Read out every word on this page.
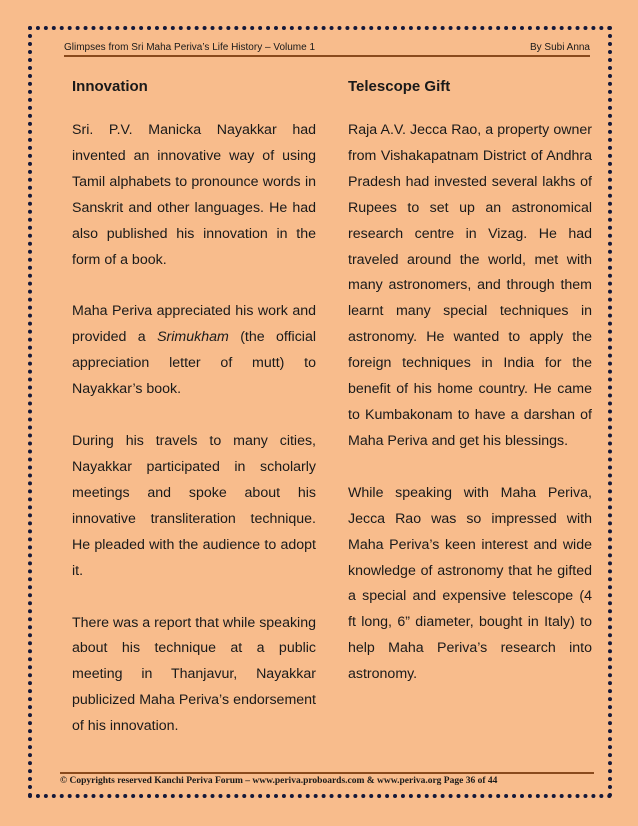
Glimpses from Sri Maha Periva’s Life History – Volume 1	By Subi Anna
Innovation

Sri. P.V. Manicka Nayakkar had invented an innovative way of using Tamil alphabets to pronounce words in Sanskrit and other languages. He had also published his innovation in the form of a book.

Maha Periva appreciated his work and provided a Srimukham (the official appreciation letter of mutt) to Nayakkar’s book.

During his travels to many cities, Nayakkar participated in scholarly meetings and spoke about his innovative transliteration technique. He pleaded with the audience to adopt it.

There was a report that while speaking about his technique at a public meeting in Thanjavur, Nayakkar publicized Maha Periva’s endorsement of his innovation.

Telescope Gift

Raja A.V. Jecca Rao, a property owner from Vishakapatnam District of Andhra Pradesh had invested several lakhs of Rupees to set up an astronomical research centre in Vizag. He had traveled around the world, met with many astronomers, and through them learnt many special techniques in astronomy. He wanted to apply the foreign techniques in India for the benefit of his home country. He came to Kumbakonam to have a darshan of Maha Periva and get his blessings.

While speaking with Maha Periva, Jecca Rao was so impressed with Maha Periva’s keen interest and wide knowledge of astronomy that he gifted a special and expensive telescope (4 ft long, 6” diameter, bought in Italy) to help Maha Periva’s research into astronomy.

© Copyrights reserved Kanchi Periva Forum – www.periva.proboards.com & www.periva.org Page 36 of 44
